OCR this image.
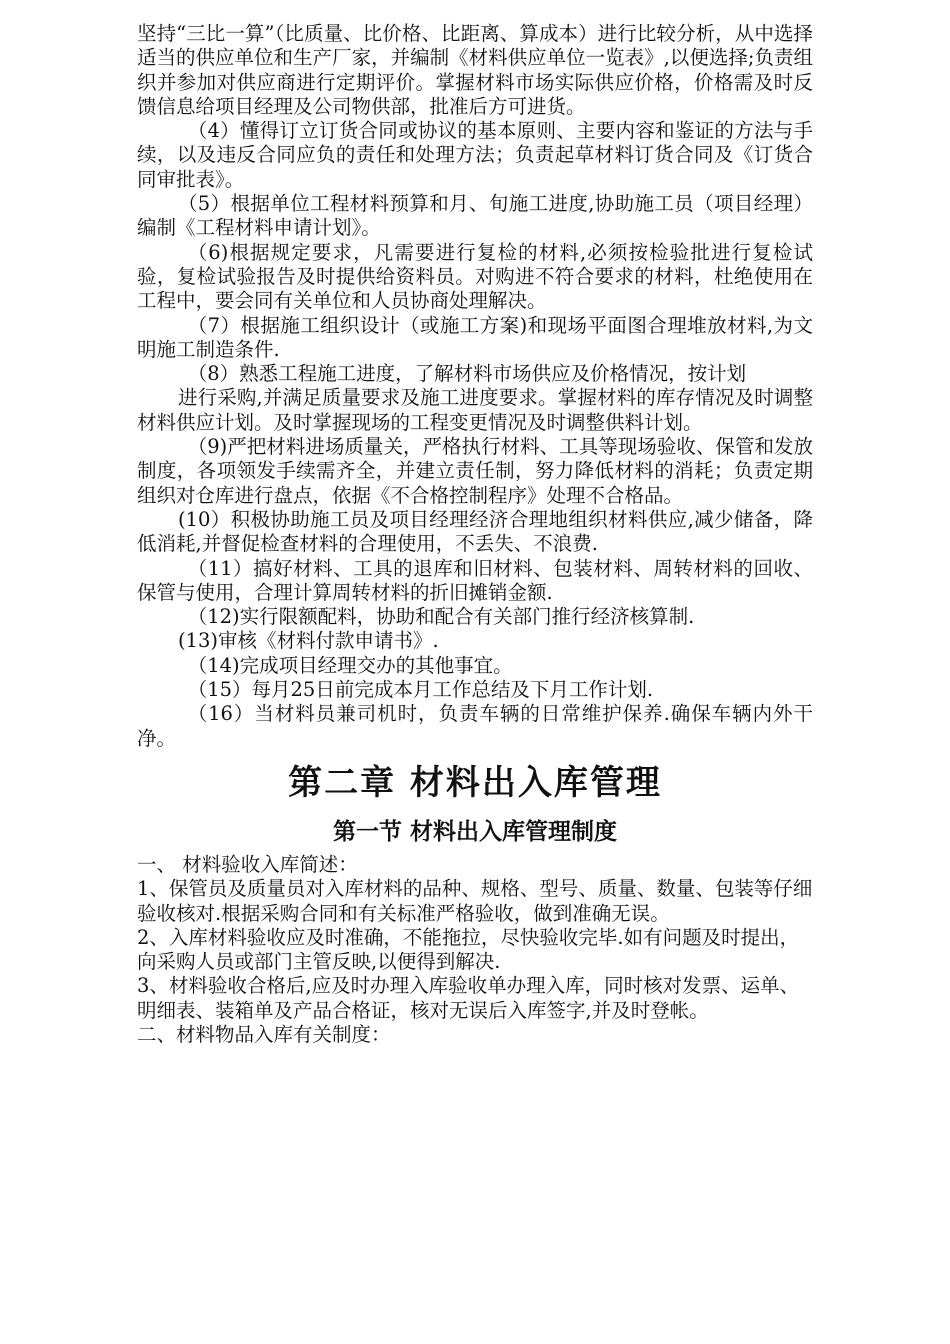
坚持“三比一算”（比质量、比价格、比距离、算成本）进行比较分析，从中选择适当的供应单位和生产厂家，并编制《材料供应单位一览表》,以便选择;负责组织并参加对供应商进行定期评价。掌握材料市场实际供应价格，价格需及时反馈信息给项目经理及公司物供部，批准后方可进货。

（4）懂得订立订货合同或协议的基本原则、主要内容和鉴证的方法与手续，以及违反合同应负的责任和处理方法；负责起草材料订货合同及《订货合同审批表》。

（5）根据单位工程材料预算和月、旬施工进度,协助施工员（项目经理）编制《工程材料申请计划》。

（6)根据规定要求，凡需要进行复检的材料,必须按检验批进行复检试验，复检试验报告及时提供给资料员。对购进不符合要求的材料，杜绝使用在工程中，要会同有关单位和人员协商处理解决。

（7）根据施工组织设计（或施工方案)和现场平面图合理堆放材料,为文明施工制造条件.

（8）熟悉工程施工进度，了解材料市场供应及价格情况，按计划

进行采购,并满足质量要求及施工进度要求。掌握材料的库存情况及时调整材料供应计划。及时掌握现场的工程变更情况及时调整供料计划。

（9)严把材料进场质量关，严格执行材料、工具等现场验收、保管和发放制度，各项领发手续需齐全，并建立责任制，努力降低材料的消耗；负责定期组织对仓库进行盘点，依据《不合格控制程序》处理不合格品。

(10）积极协助施工员及项目经理经济合理地组织材料供应,减少储备，降低消耗,并督促检查材料的合理使用，不丢失、不浪费.

（11）搞好材料、工具的退库和旧材料、包装材料、周转材料的回收、保管与使用，合理计算周转材料的折旧摊销金额.

（12)实行限额配料，协助和配合有关部门推行经济核算制.

(13)审核《材料付款申请书》.

（14)完成项目经理交办的其他事宜。

（15）每月25日前完成本月工作总结及下月工作计划.

（16）当材料员兼司机时，负责车辆的日常维护保养.确保车辆内外干净。

第二章 材料出入库管理
第一节 材料出入库管理制度

一、 材料验收入库简述：

1、保管员及质量员对入库材料的品种、规格、型号、质量、数量、包装等仔细验收核对.根据采购合同和有关标准严格验收，做到准确无误。
2、入库材料验收应及时准确，不能拖拉，尽快验收完毕.如有问题及时提出，向采购人员或部门主管反映,以便得到解决.
3、材料验收合格后,应及时办理入库验收单办理入库，同时核对发票、运单、明细表、装箱单及产品合格证，核对无误后入库签字,并及时登帐。

二、材料物品入库有关制度：
